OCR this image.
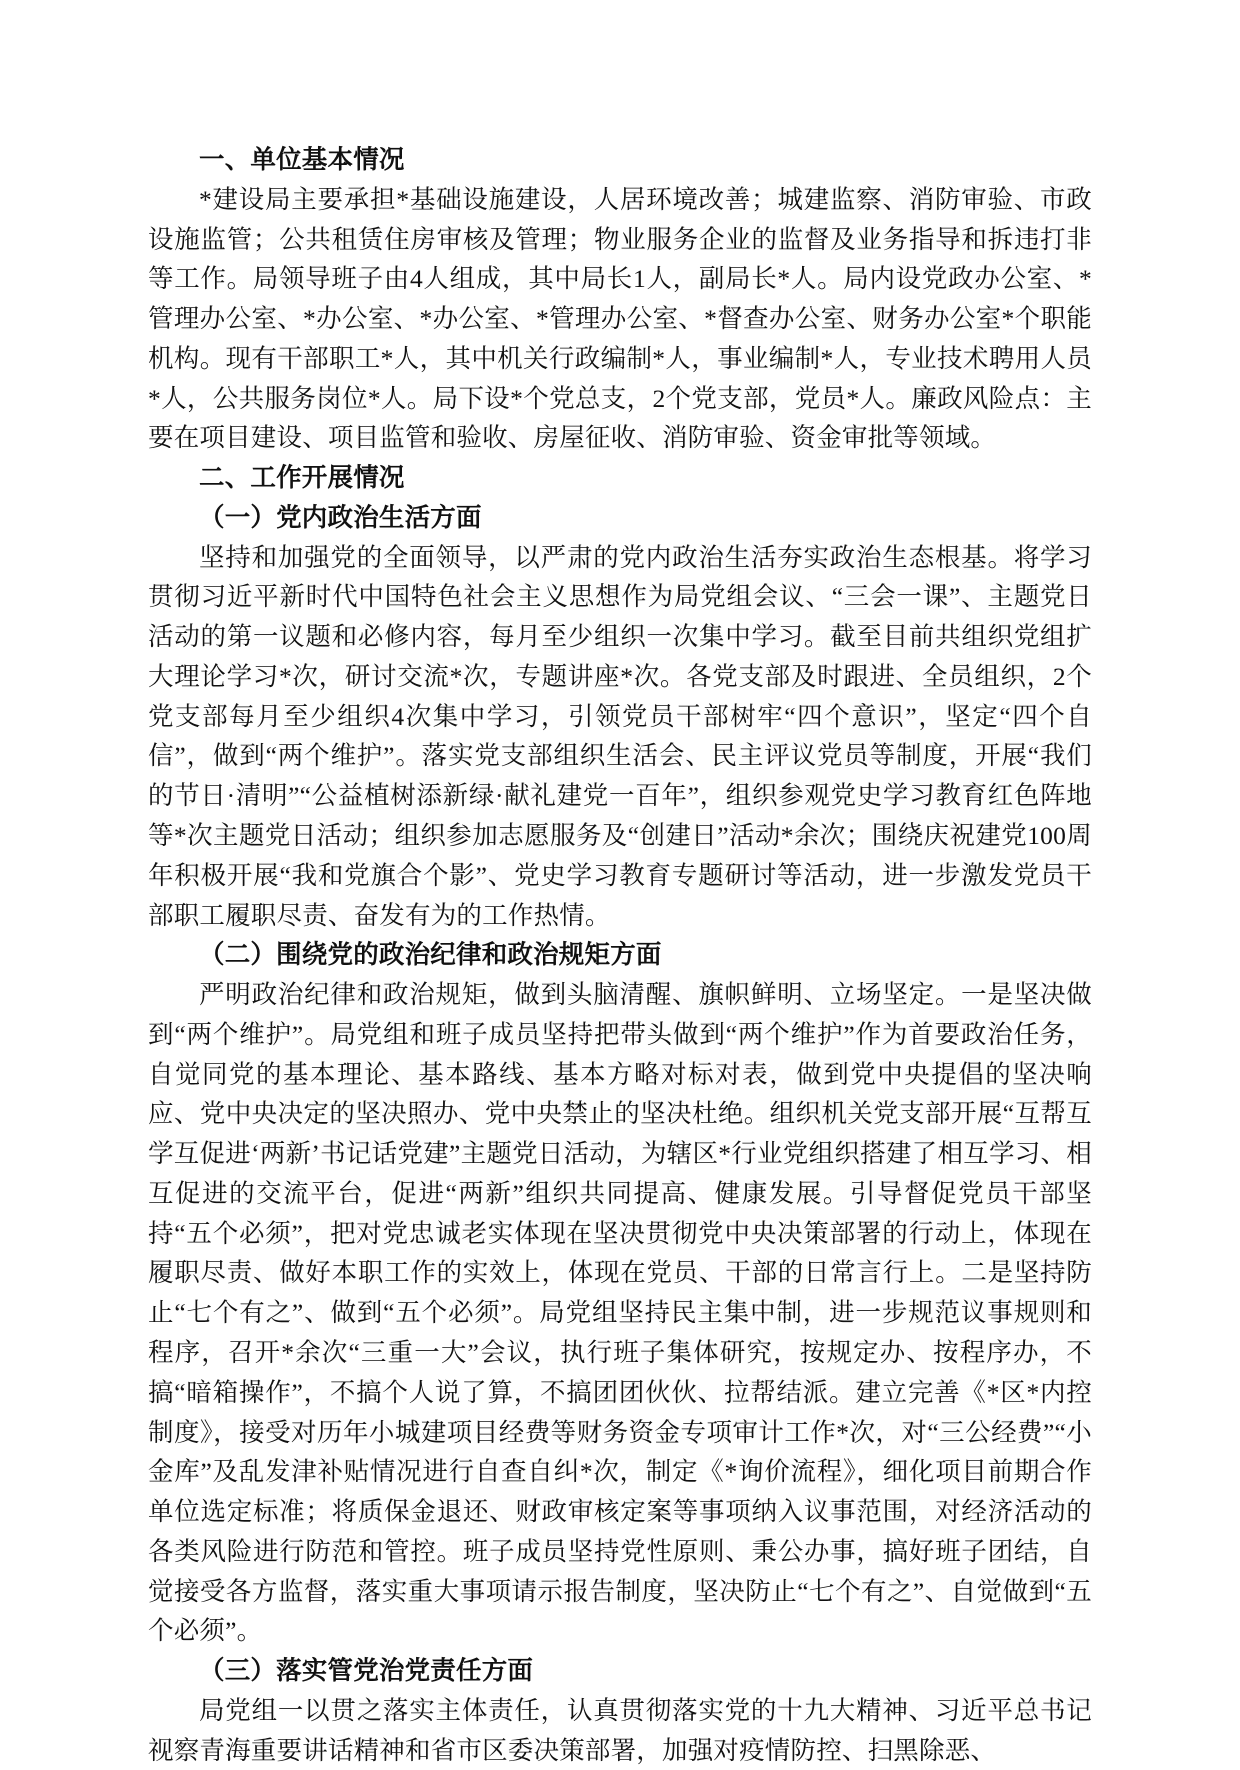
一、单位基本情况

*建设局主要承担*基础设施建设，人居环境改善；城建监察、消防审验、市政设施监管；公共租赁住房审核及管理；物业服务企业的监督及业务指导和拆违打非等工作。局领导班子由4人组成，其中局长1人，副局长*人。局内设党政办公室、*管理办公室、*办公室、*办公室、*管理办公室、*督查办公室、财务办公室*个职能机构。现有干部职工*人，其中机关行政编制*人，事业编制*人，专业技术聘用人员*人，公共服务岗位*人。局下设*个党总支，2个党支部，党员*人。廉政风险点：主要在项目建设、项目监管和验收、房屋征收、消防审验、资金审批等领域。

二、工作开展情况

（一）党内政治生活方面

坚持和加强党的全面领导，以严肃的党内政治生活夯实政治生态根基。将学习贯彻习近平新时代中国特色社会主义思想作为局党组会议、“三会一课”、主题党日活动的第一议题和必修内容，每月至少组织一次集中学习。截至目前共组织党组扩大理论学习*次，研讨交流*次，专题讲座*次。各党支部及时跟进、全员组织，2个党支部每月至少组织4次集中学习，引领党员干部树牢“四个意识”，坚定“四个自信”，做到“两个维护”。落实党支部组织生活会、民主评议党员等制度，开展“我们的节日·清明”“公益植树添新绿·献礼建党一百年”，组织参观党史学习教育红色阵地等*次主题党日活动；组织参加志愿服务及“创建日”活动*余次；围绕庆祝建党100周年积极开展“我和党旗合个影”、党史学习教育专题研讨等活动，进一步激发党员干部职工履职尽责、奋发有为的工作热情。

（二）围绕党的政治纪律和政治规矩方面

严明政治纪律和政治规矩，做到头脑清醒、旗帜鲜明、立场坚定。一是坚决做到“两个维护”。局党组和班子成员坚持把带头做到“两个维护”作为首要政治任务，自觉同党的基本理论、基本路线、基本方略对标对表，做到党中央提倡的坚决响应、党中央决定的坚决照办、党中央禁止的坚决杜绝。组织机关党支部开展“互帮互学互促进‘两新’书记话党建”主题党日活动，为辖区*行业党组织搭建了相互学习、相互促进的交流平台，促进“两新”组织共同提高、健康发展。引导督促党员干部坚持“五个必须”，把对党忠诚老实体现在坚决贯彻党中央决策部署的行动上，体现在履职尽责、做好本职工作的实效上，体现在党员、干部的日常言行上。二是坚持防止“七个有之”、做到“五个必须”。局党组坚持民主集中制，进一步规范议事规则和程序，召开*余次“三重一大”会议，执行班子集体研究，按规定办、按程序办，不搞“暗箱操作”，不搞个人说了算，不搞团团伙伙、拉帮结派。建立完善《*区*内控制度》，接受对历年小城建项目经费等财务资金专项审计工作*次，对“三公经费”“小金库”及乱发津补贴情况进行自查自纠*次，制定《*询价流程》，细化项目前期合作单位选定标准；将质保金退还、财政审核定案等事项纳入议事范围，对经济活动的各类风险进行防范和管控。班子成员坚持党性原则、秉公办事，搞好班子团结，自觉接受各方监督，落实重大事项请示报告制度，坚决防止“七个有之”、自觉做到“五个必须”。

（三）落实管党治党责任方面

局党组一以贯之落实主体责任，认真贯彻落实党的十九大精神、习近平总书记视察青海重要讲话精神和省市区委决策部署，加强对疫情防控、扫黑除恶、
